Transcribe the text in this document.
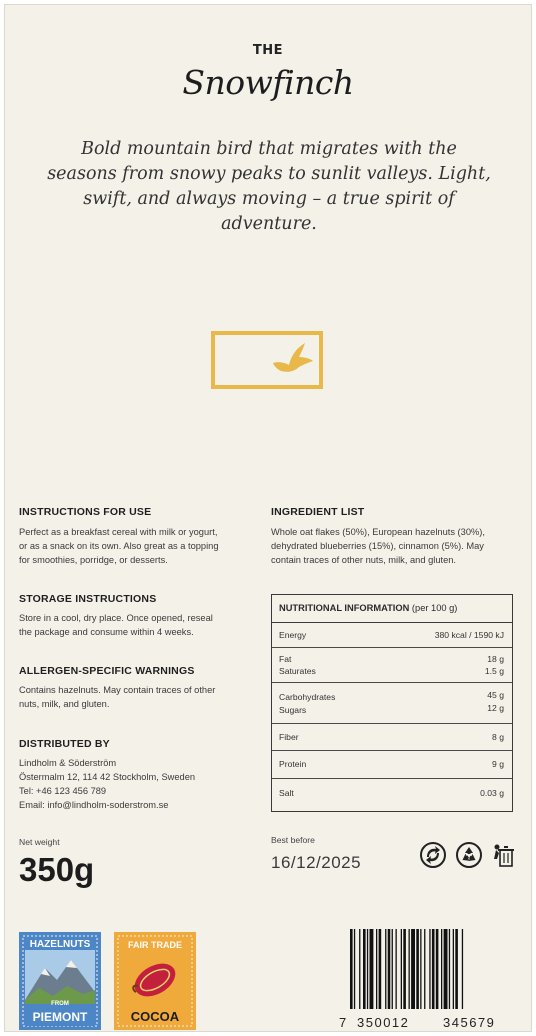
THE
Snowfinch
Bold mountain bird that migrates with the seasons from snowy peaks to sunlit valleys. Light, swift, and always moving – a true spirit of adventure.
INSTRUCTIONS FOR USE
Perfect as a breakfast cereal with milk or yogurt,
or as a snack on its own. Also great as a topping
for smoothies, porridge, or desserts.
STORAGE INSTRUCTIONS
Store in a cool, dry place. Once opened, reseal
the package and consume within 4 weeks.
ALLERGEN-SPECIFIC WARNINGS
Contains hazelnuts. May contain traces of other
nuts, milk, and gluten.
DISTRIBUTED BY
Lindholm & Söderström
Östermalm 12, 114 42 Stockholm, Sweden
Tel: +46 123 456 789
Email: info@lindholm-soderstrom.se
INGREDIENT LIST
Whole oat flakes (50%), European hazelnuts (30%),
dehydrated blueberries (15%), cinnamon (5%). May
contain traces of other nuts, milk, and gluten.
NUTRITIONAL INFORMATION (per 100 g)
Energy	380 kcal / 1590 kJ
Fat	18 g
Saturates	1.5 g
Carbohydrates	45 g
Sugars	12 g
Fiber	8 g
Protein	9 g
Salt	0.03 g
Net weight
350g
Best before
16/12/2025
HAZELNUTS
FROM
PIEMONT
FAIR TRADE
COCOA	7 350012	345679
